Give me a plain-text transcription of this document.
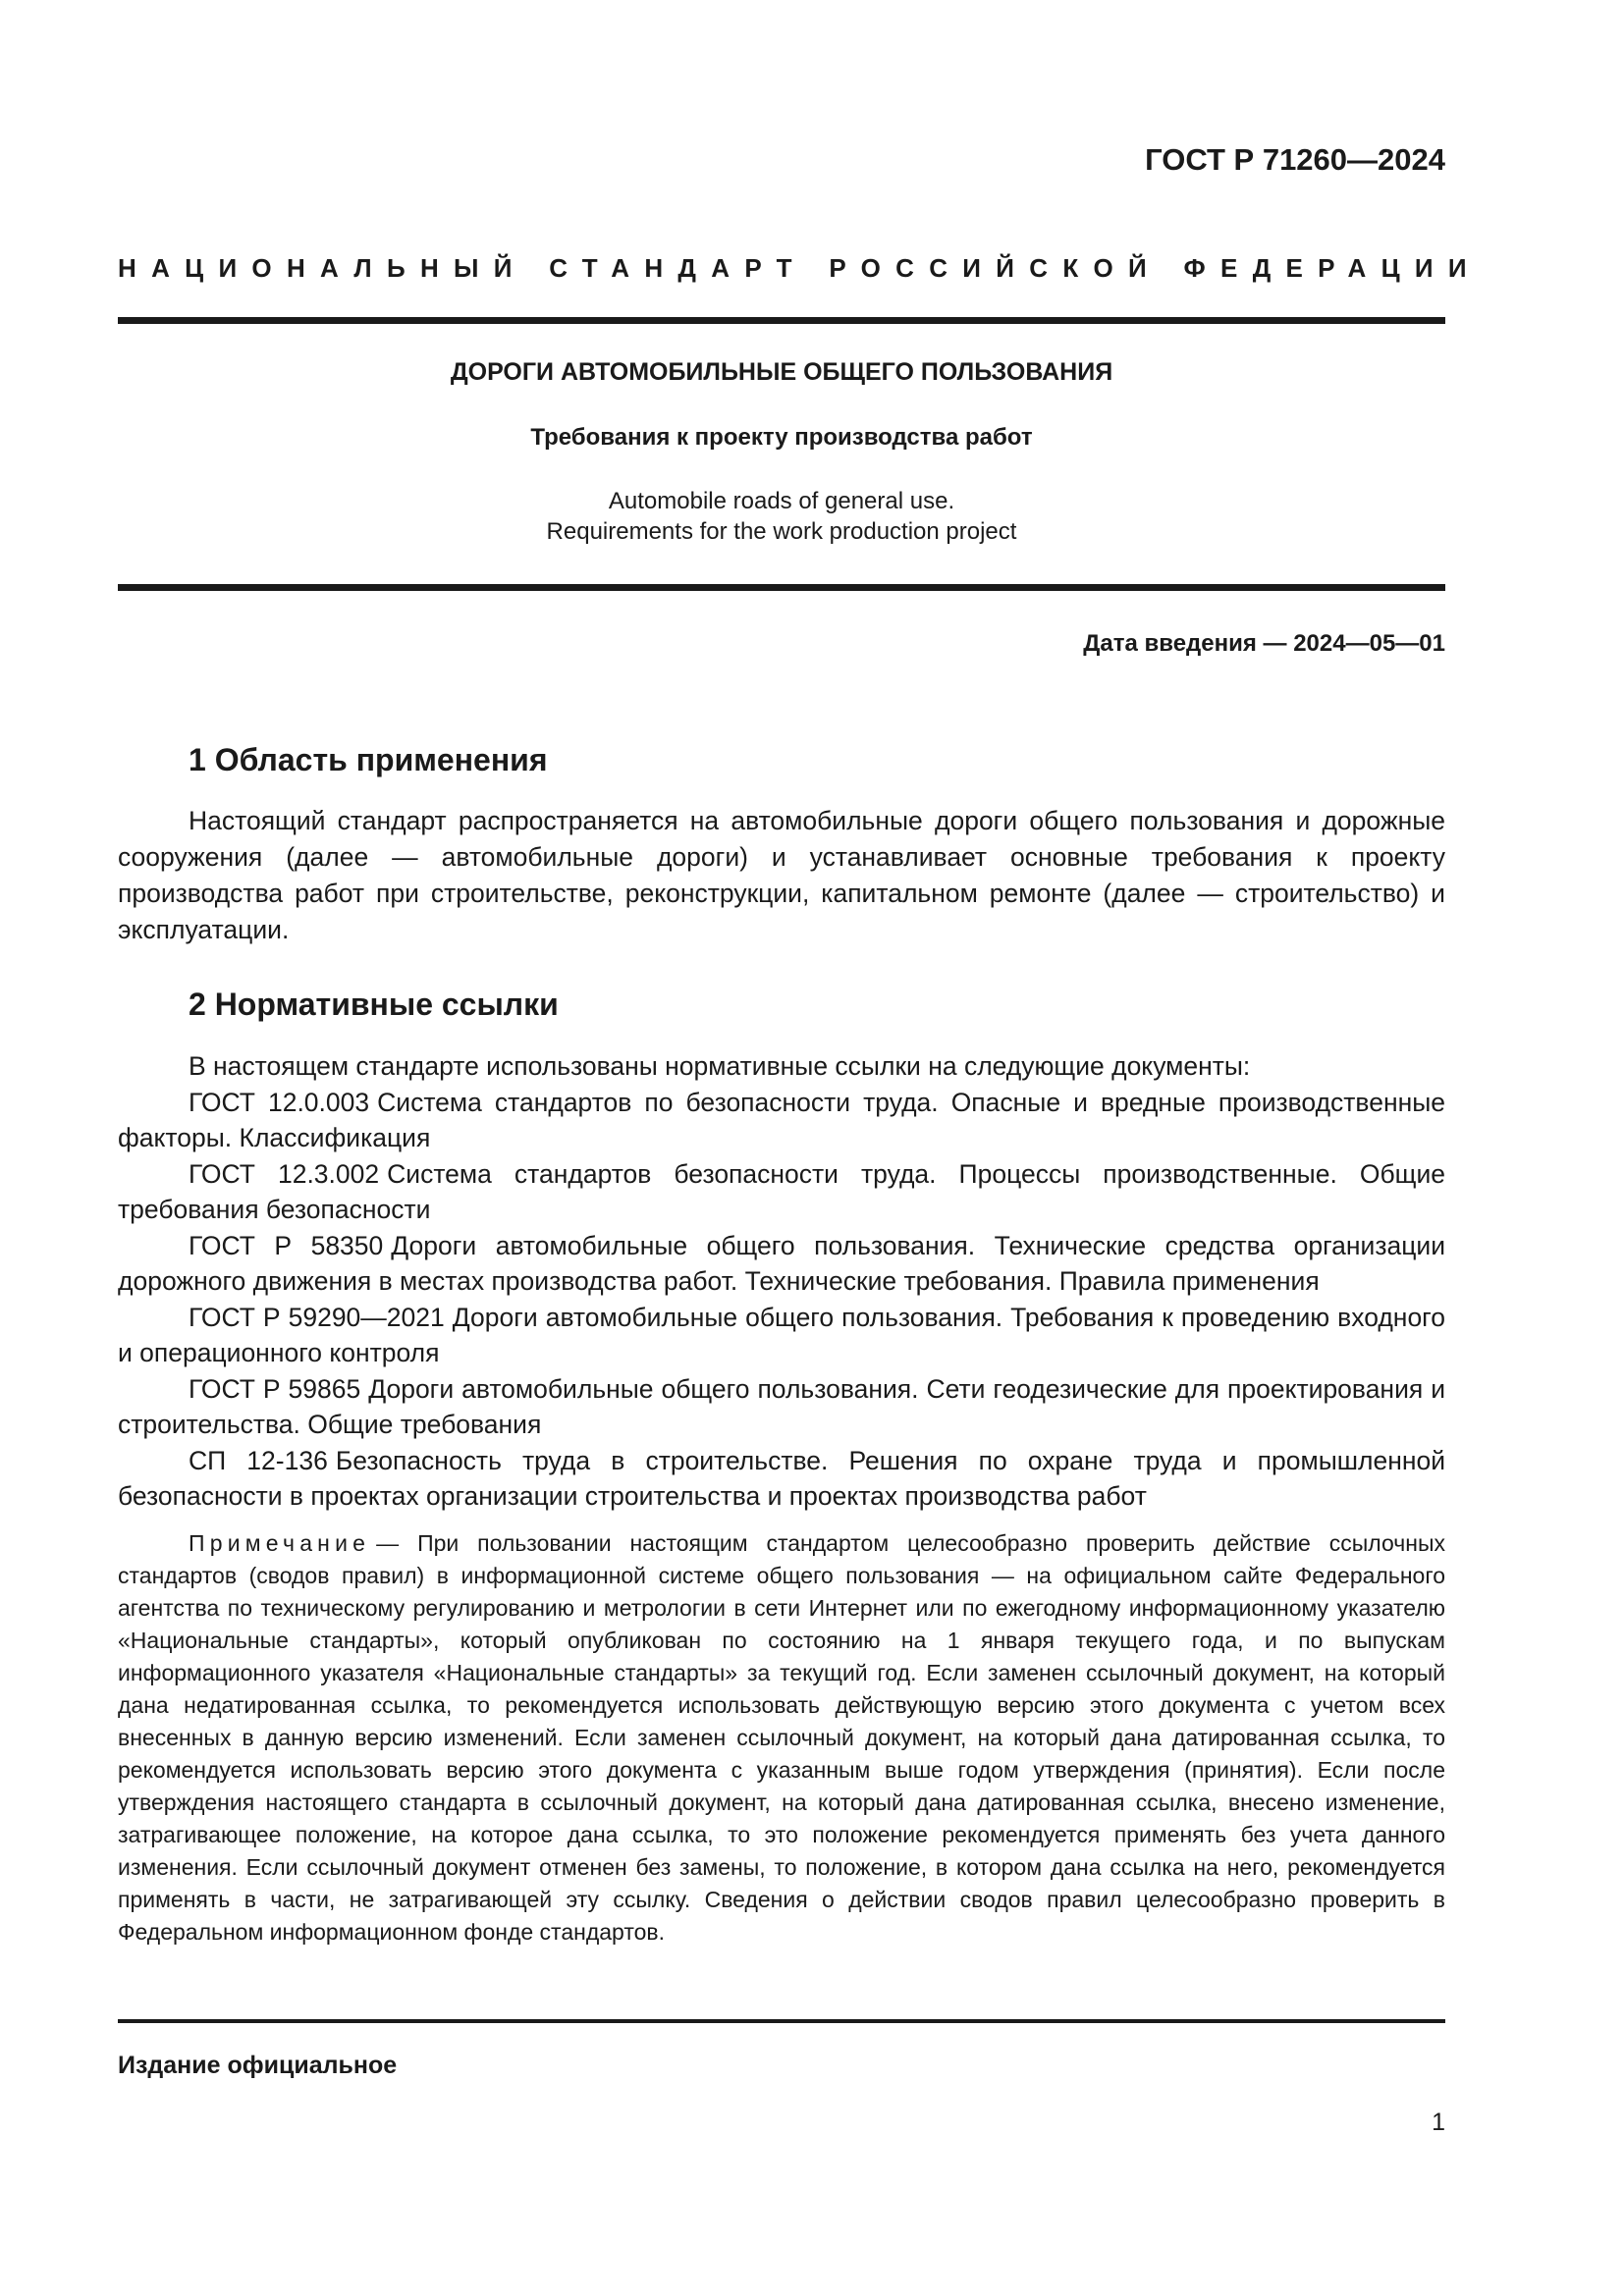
ГОСТ Р 71260—2024
НАЦИОНАЛЬНЫЙ СТАНДАРТ РОССИЙСКОЙ ФЕДЕРАЦИИ
ДОРОГИ АВТОМОБИЛЬНЫЕ ОБЩЕГО ПОЛЬЗОВАНИЯ
Требования к проекту производства работ
Automobile roads of general use.
Requirements for the work production project
Дата введения — 2024—05—01
1 Область применения
Настоящий стандарт распространяется на автомобильные дороги общего пользования и дорожные сооружения (далее — автомобильные дороги) и устанавливает основные требования к проекту производства работ при строительстве, реконструкции, капитальном ремонте (далее — строительство) и эксплуатации.
2 Нормативные ссылки
В настоящем стандарте использованы нормативные ссылки на следующие документы:
ГОСТ 12.0.003 Система стандартов по безопасности труда. Опасные и вредные производственные факторы. Классификация
ГОСТ 12.3.002 Система стандартов безопасности труда. Процессы производственные. Общие требования безопасности
ГОСТ Р 58350 Дороги автомобильные общего пользования. Технические средства организации дорожного движения в местах производства работ. Технические требования. Правила применения
ГОСТ Р 59290—2021 Дороги автомобильные общего пользования. Требования к проведению входного и операционного контроля
ГОСТ Р 59865 Дороги автомобильные общего пользования. Сети геодезические для проектирования и строительства. Общие требования
СП 12-136 Безопасность труда в строительстве. Решения по охране труда и промышленной безопасности в проектах организации строительства и проектах производства работ
Примечание — При пользовании настоящим стандартом целесообразно проверить действие ссылочных стандартов (сводов правил) в информационной системе общего пользования — на официальном сайте Федерального агентства по техническому регулированию и метрологии в сети Интернет или по ежегодному информационному указателю «Национальные стандарты», который опубликован по состоянию на 1 января текущего года, и по выпускам информационного указателя «Национальные стандарты» за текущий год. Если заменен ссылочный документ, на который дана недатированная ссылка, то рекомендуется использовать действующую версию этого документа с учетом всех внесенных в данную версию изменений. Если заменен ссылочный документ, на который дана датированная ссылка, то рекомендуется использовать версию этого документа с указанным выше годом утверждения (принятия). Если после утверждения настоящего стандарта в ссылочный документ, на который дана датированная ссылка, внесено изменение, затрагивающее положение, на которое дана ссылка, то это положение рекомендуется применять без учета данного изменения. Если ссылочный документ отменен без замены, то положение, в котором дана ссылка на него, рекомендуется применять в части, не затрагивающей эту ссылку. Сведения о действии сводов правил целесообразно проверить в Федеральном информационном фонде стандартов.
Издание официальное
1
